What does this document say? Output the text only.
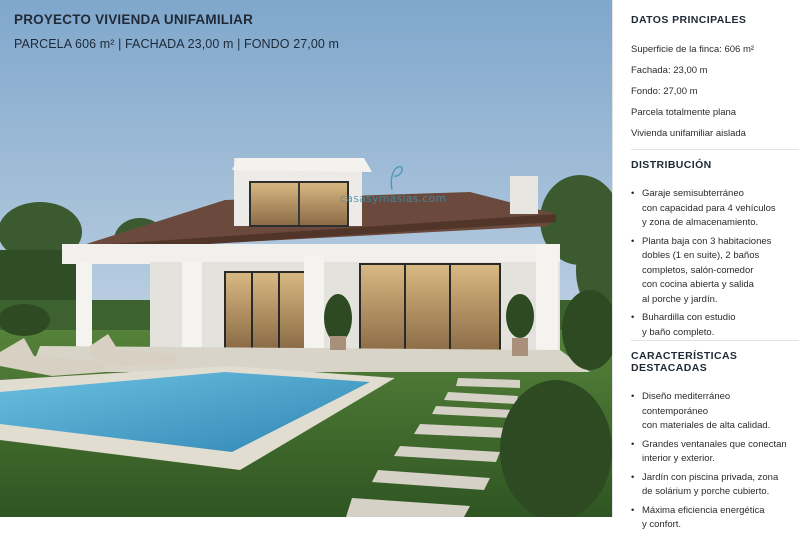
PROYECTO VIVIENDA UNIFAMILIAR
PARCELA 606 m² | FACHADA 23,00 m | FONDO 27,00 m
casasymasias.com
DATOS PRINCIPALES
Superficie de la finca: 606 m²
Fachada: 23,00 m
Fondo: 27,00 m
Parcela totalmente plana
Vivienda unifamiliar aislada
DISTRIBUCIÓN
• Garaje semisubterráneo
con capacidad para 4 vehículos
y zona de almacenamiento.
• Planta baja con 3 habitaciones
dobles (1 en suite), 2 baños
completos, salón-comedor
con cocina abierta y salida
al porche y jardín.
• Buhardilla con estudio
y baño completo.
CARACTERÍSTICAS DESTACADAS
• Diseño mediterráneo contemporáneo
con materiales de alta calidad.
• Grandes ventanales que conectan
interior y exterior.
• Jardín con piscina privada, zona
de solárium y porche cubierto.
• Máxima eficiencia energética
y confort.
